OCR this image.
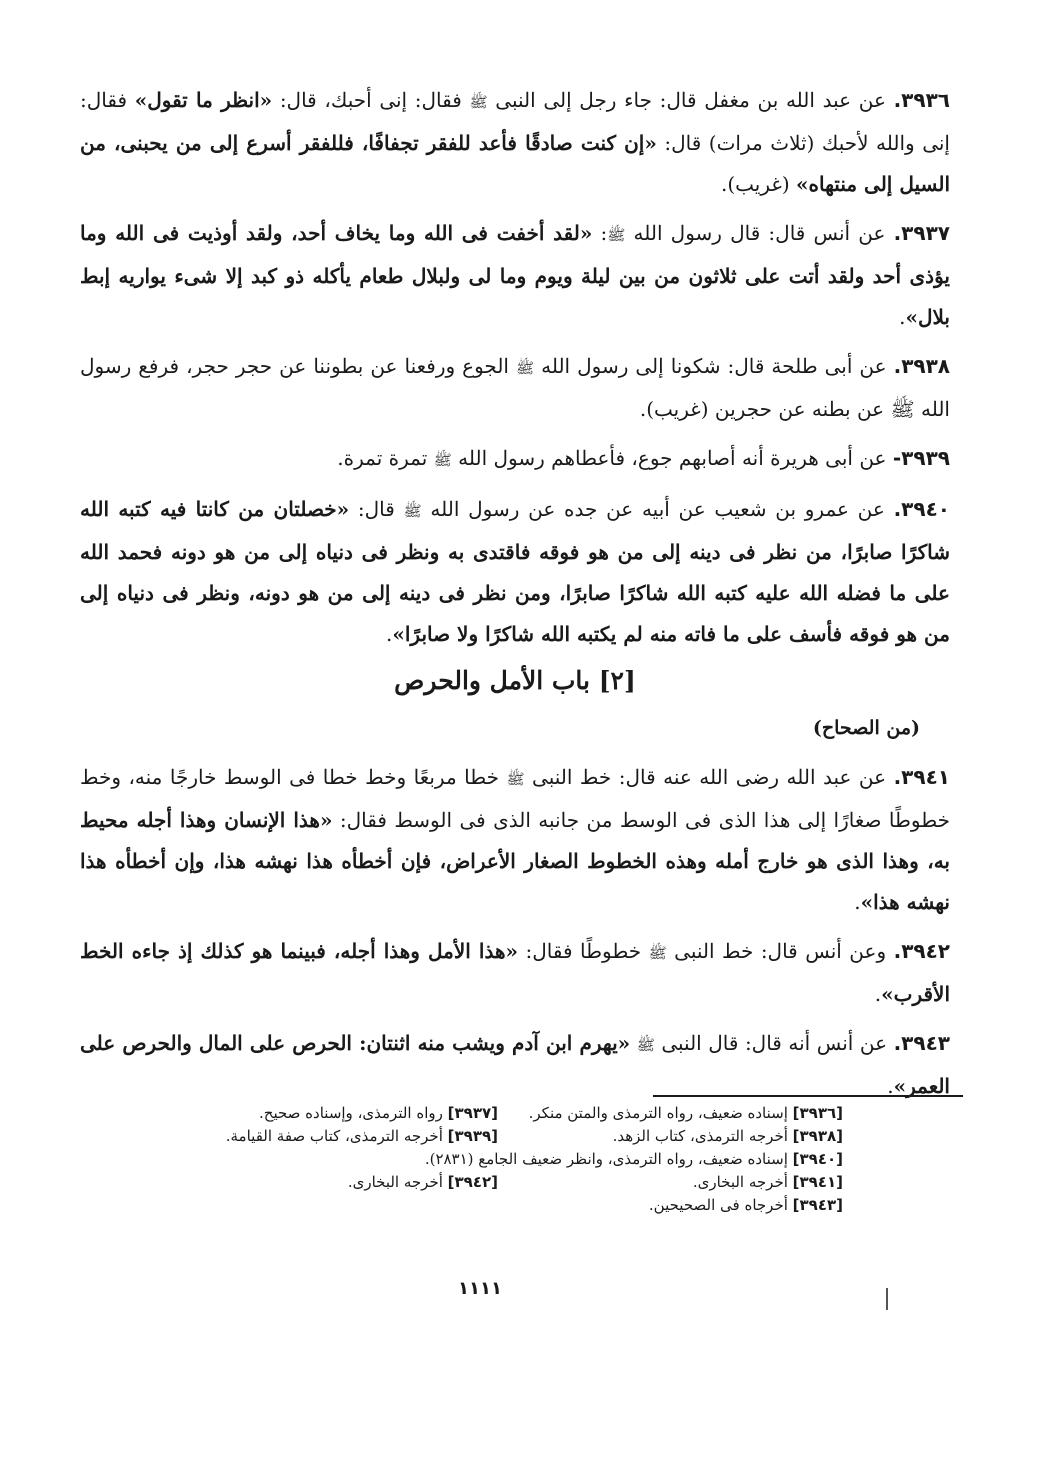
٣٩٣٦. عن عبد الله بن مغفل قال: جاء رجل إلى النبى ﷺ فقال: إنى أحبك، قال: «انظر ما تقول» فقال: إنى والله لأحبك (ثلاث مرات) قال: «إن كنت صادقًا فأعد للفقر تجفافًا، فللفقر أسرع إلى من يحبنى، من السيل إلى منتهاه» (غريب).

٣٩٣٧. عن أنس قال: قال رسول الله ﷺ: «لقد أخفت فى الله وما يخاف أحد، ولقد أوذيت فى الله وما يؤذى أحد ولقد أتت على ثلاثون من بين ليلة ويوم وما لى ولبلال طعام يأكله ذو كبد إلا شىء يواريه إبط بلال».

٣٩٣٨. عن أبى طلحة قال: شكونا إلى رسول الله ﷺ الجوع ورفعنا عن بطوننا عن حجر حجر، فرفع رسول الله ﷺ عن بطنه عن حجرين (غريب).

٣٩٣٩- عن أبى هريرة أنه أصابهم جوع، فأعطاهم رسول الله ﷺ تمرة تمرة.

٣٩٤٠. عن عمرو بن شعيب عن أبيه عن جده عن رسول الله ﷺ قال: «خصلتان من كانتا فيه كتبه الله شاكرًا صابرًا، من نظر فى دينه إلى من هو فوقه فاقتدى به ونظر فى دنياه إلى من هو دونه فحمد الله على ما فضله الله عليه كتبه الله شاكرًا صابرًا، ومن نظر فى دينه إلى من هو دونه، ونظر فى دنياه إلى من هو فوقه فأسف على ما فاته منه لم يكتبه الله شاكرًا ولا صابرًا».

[٢] باب الأمل والحرص
(من الصحاح)

٣٩٤١. عن عبد الله رضى الله عنه قال: خط النبى ﷺ خطا مربعًا وخط خطا فى الوسط خارجًا منه، وخط خطوطًا صغارًا إلى هذا الذى فى الوسط من جانبه الذى فى الوسط فقال: «هذا الإنسان وهذا أجله محيط به، وهذا الذى هو خارج أمله وهذه الخطوط الصغار الأعراض، فإن أخطأه هذا نهشه هذا، وإن أخطأه هذا نهشه هذا».

٣٩٤٢. وعن أنس قال: خط النبى ﷺ خطوطًا فقال: «هذا الأمل وهذا أجله، فبينما هو كذلك إذ جاءه الخط الأقرب».

٣٩٤٣. عن أنس أنه قال: قال النبى ﷺ «يهرم ابن آدم ويشب منه اثنتان: الحرص على المال والحرص على العمر».

[٣٩٣٦] إسناده ضعيف، رواه الترمذى والمتن منكر.
[٣٩٣٧] رواه الترمذى، وإسناده صحيح.
[٣٩٣٨] أخرجه الترمذى، كتاب الزهد.
[٣٩٣٩] أخرجه الترمذى، كتاب صفة القيامة.
[٣٩٤٠] إسناده ضعيف، رواه الترمذى، وانظر ضعيف الجامع (٢٨٣١).
[٣٩٤١] أخرجه البخارى.
[٣٩٤٢] أخرجه البخارى.
[٣٩٤٣] أخرجاه فى الصحيحين.
١١١١
